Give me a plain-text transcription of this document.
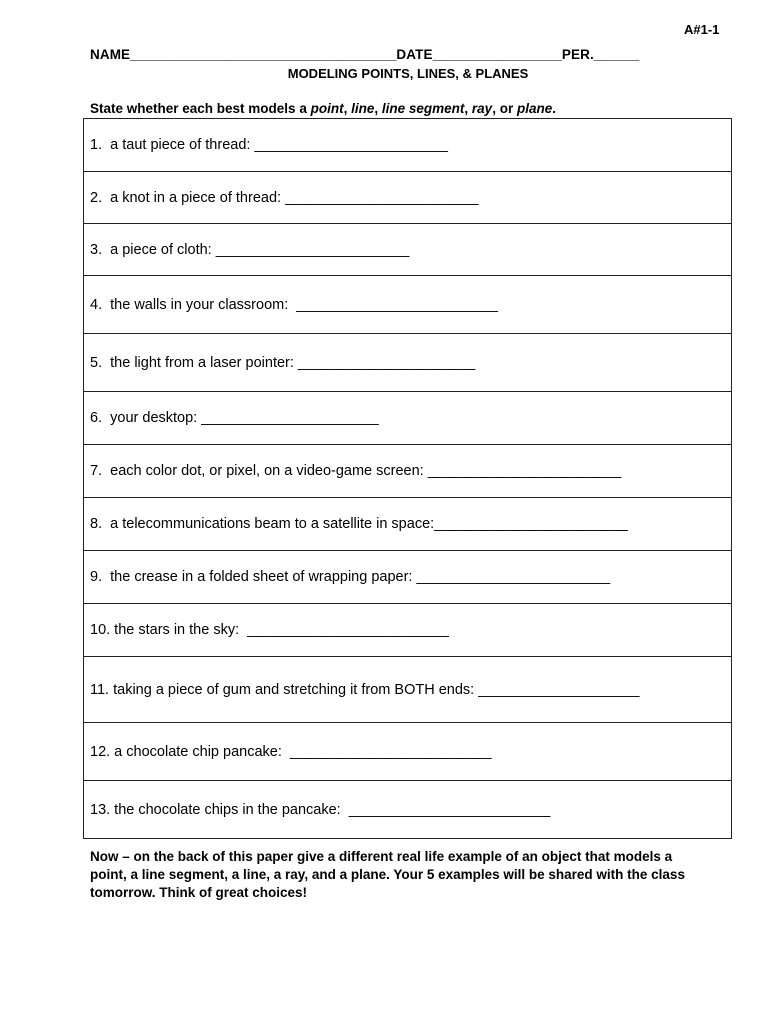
A#1-1
NAME___________________________________DATE_________________PER.______
MODELING POINTS, LINES, & PLANES
State whether each best models a point, line, line segment, ray, or plane.
1.  a taut piece of thread: ________________________
2.  a knot in a piece of thread: ________________________
3.  a piece of cloth: ________________________
4.  the walls in your classroom:  _________________________
5.  the light from a laser pointer: ______________________
6.  your desktop: ______________________
7.  each color dot, or pixel, on a video-game screen: ________________________
8.  a telecommunications beam to a satellite in space:________________________
9.  the crease in a folded sheet of wrapping paper: ________________________
10. the stars in the sky:  _________________________
11. taking a piece of gum and stretching it from BOTH ends: ____________________
12. a chocolate chip pancake:  _________________________
13. the chocolate chips in the pancake:  _________________________
Now – on the back of this paper give a different real life example of an object that models a point, a line segment, a line, a ray, and a plane. Your 5 examples will be shared with the class tomorrow. Think of great choices!
